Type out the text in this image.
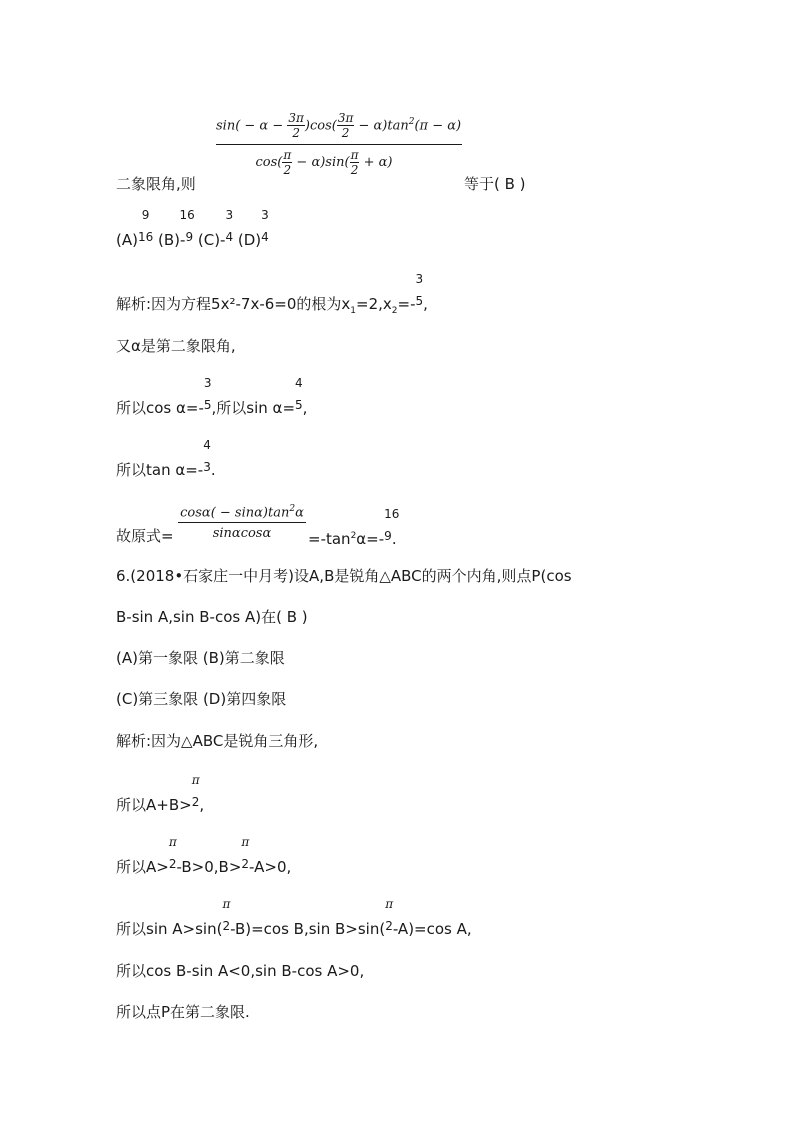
$\sin( - \alpha - \frac{3\pi}{2} )\cos( \frac{3\pi}{2} - \alpha)\tan^2(\pi - \alpha)$
$\cos( \frac{\pi}{2} - \alpha)\sin( \frac{\pi}{2} + \alpha)$
二象限角,则	等于( B )
(A)
9
$^{16}$ (B)-
16
$^9$ (C)-
3
$^4$ (D)
3
$^4$
解析:因为方程5x²-7x-6=0的根为$x_1=2,x_2=-$
3
$^5$,
又α是第二象限角,
所以cos α=-
3
$^5$,所以sin α=
4
$^5$,
所以tan α=-
4
$^3$.
故原式=
$\cos\alpha( - \sin\alpha)\tan^2\alpha$
sinαcosα	$=-\tan^2\alpha=-$
16
$^9$.
6.(2018•石家庄一中月考)设A,B是锐角△ABC的两个内角,则点P(cos
B-sin A,sin B-cos A)在( B )
(A)第一象限 (B)第二象限
(C)第三象限 (D)第四象限
解析:因为△ABC是锐角三角形,
所以A+B>
π
$^2$,
所以A>
π
$^2$-B>0,B>
π
$^2$-A>0,
所以sin A>sin(
π
$^2$-B)=cos B,sin B>sin(
π
$^2$-A)=cos A,
所以cos B-sin A<0,sin B-cos A>0,
所以点P在第二象限.
